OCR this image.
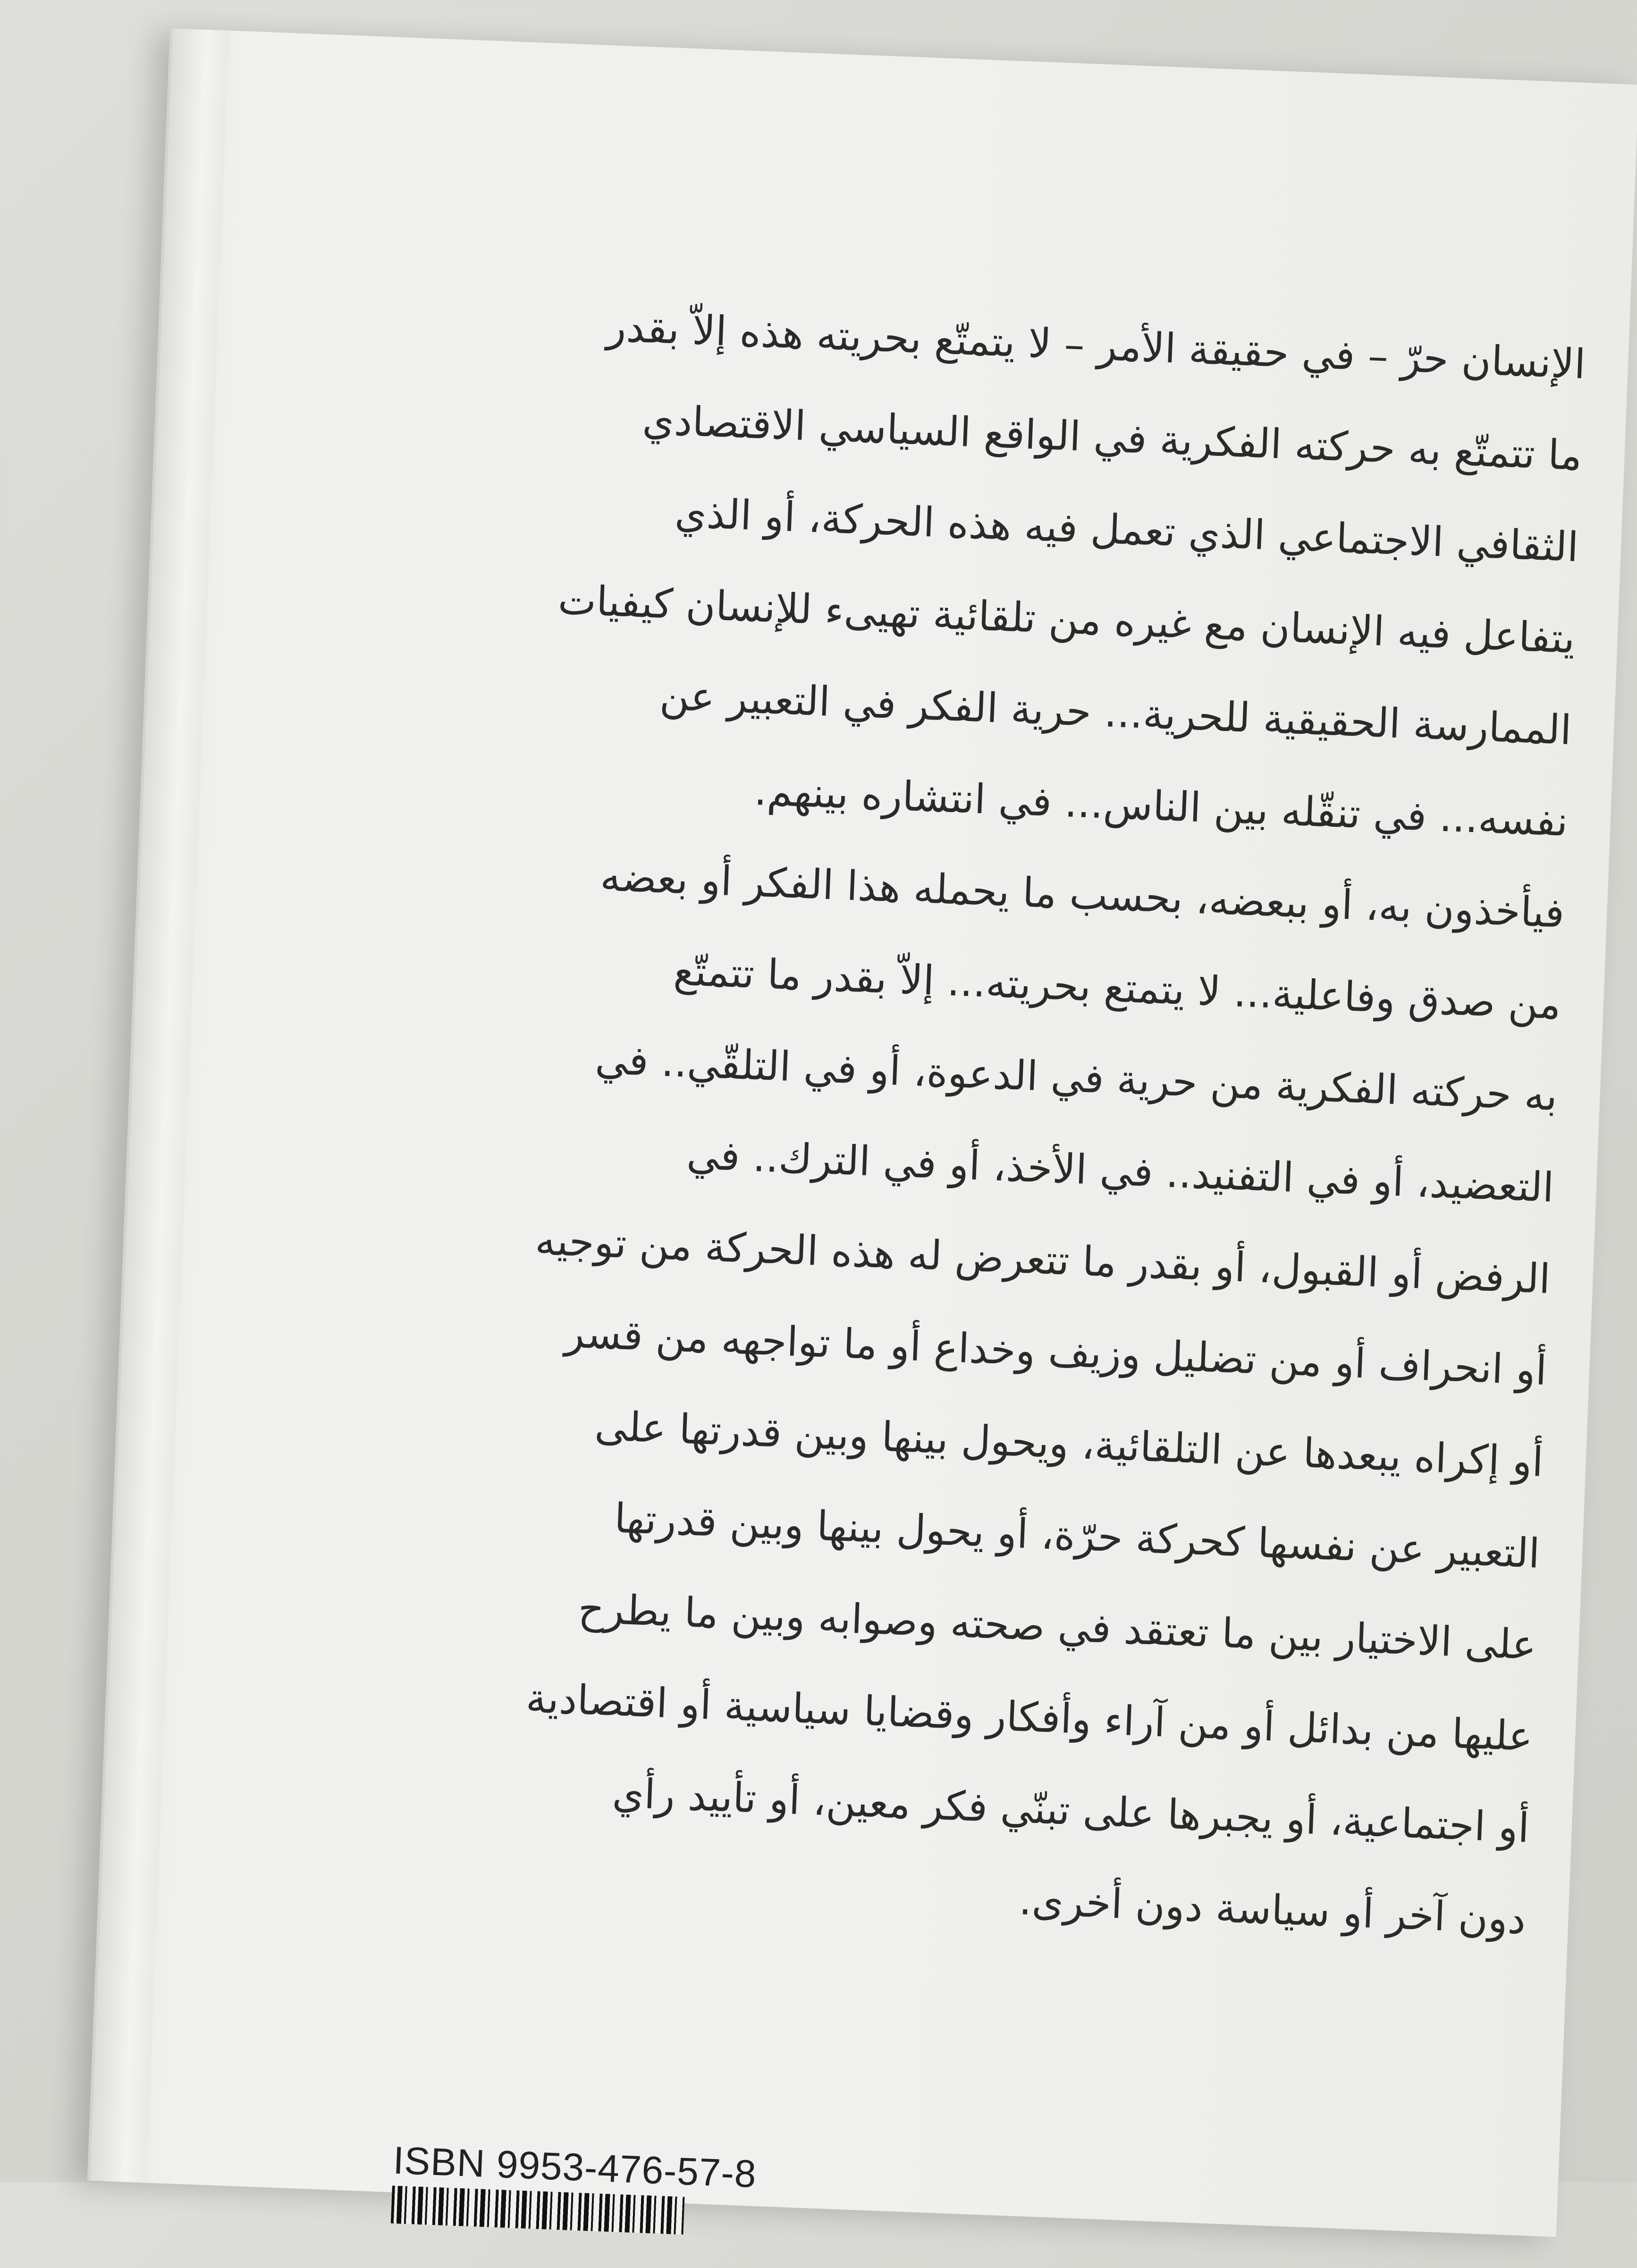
الإنسان حرّ – في حقيقة الأمر – لا يتمتّع بحريته هذه إلاّ بقدر
ما تتمتّع به حركته الفكرية في الواقع السياسي الاقتصادي
الثقافي الاجتماعي الذي تعمل فيه هذه الحركة، أو الذي
يتفاعل فيه الإنسان مع غيره من تلقائية تهيىء للإنسان كيفيات
الممارسة الحقيقية للحرية... حرية الفكر في التعبير عن
نفسه... في تنقّله بين الناس... في انتشاره بينهم.
فيأخذون به، أو ببعضه، بحسب ما يحمله هذا الفكر أو بعضه
من صدق وفاعلية... لا يتمتع بحريته... إلاّ بقدر ما تتمتّع
به حركته الفكرية من حرية في الدعوة، أو في التلقّي.. في
التعضيد، أو في التفنيد.. في الأخذ، أو في الترك.. في
الرفض أو القبول، أو بقدر ما تتعرض له هذه الحركة من توجيه
أو انحراف أو من تضليل وزيف وخداع أو ما تواجهه من قسر
أو إكراه يبعدها عن التلقائية، ويحول بينها وبين قدرتها على
التعبير عن نفسها كحركة حرّة، أو يحول بينها وبين قدرتها
على الاختيار بين ما تعتقد في صحته وصوابه وبين ما يطرح
عليها من بدائل أو من آراء وأفكار وقضايا سياسية أو اقتصادية
أو اجتماعية، أو يجبرها على تبنّي فكر معين، أو تأييد رأي
دون آخر أو سياسة دون أخرى.
ISBN 9953-476-57-8
